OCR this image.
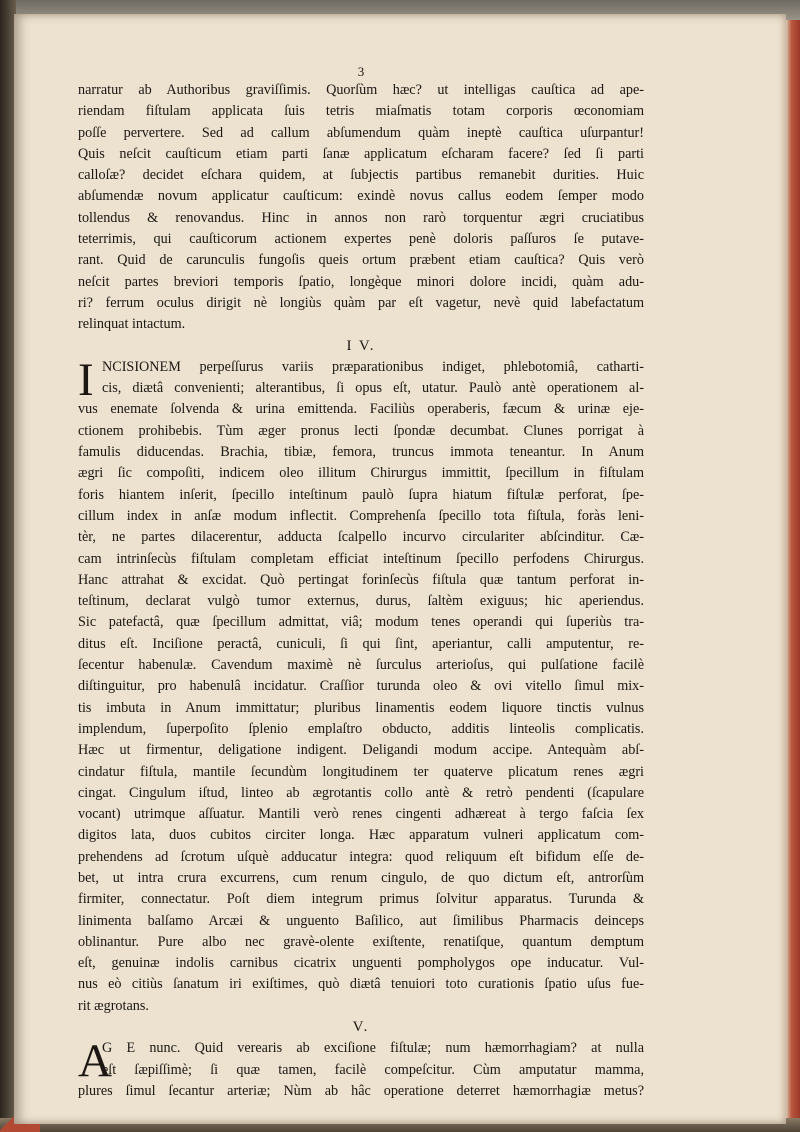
3
narratur ab Authoribus graviſſimis. Quorſùm hæc? ut intelligas cauſtica ad ape-
riendam fiſtulam applicata ſuis tetris miaſmatis totam corporis œconomiam
poſſe pervertere. Sed ad callum abſumendum quàm ineptè cauſtica uſurpantur!
Quis neſcit cauſticum etiam parti ſanæ applicatum eſcharam facere? ſed ſi parti
calloſæ? decidet eſchara quidem, at ſubjectis partibus remanebit durities. Huic
abſumendæ novum applicatur cauſticum: exindè novus callus eodem ſemper modo
tollendus & renovandus. Hinc in annos non rarò torquentur ægri cruciatibus
teterrimis, qui cauſticorum actionem expertes penè doloris paſſuros ſe putave-
rant. Quid de carunculis fungoſis queis ortum præbent etiam cauſtica? Quis verò
neſcit partes breviori temporis ſpatio, longèque minori dolore incidi, quàm adu-
ri? ferrum oculus dirigit nè longiùs quàm par eſt vagetur, nevè quid labefactatum
relinquat intactum.
I V.
I NCISIONEM perpeſſurus variis præparationibus indiget, phlebotomiâ, catharti-
cis, diætâ convenienti; alterantibus, ſi opus eſt, utatur. Paulò antè operationem al-
vus enemate ſolvenda & urina emittenda. Faciliùs operaberis, fæcum & urinæ eje-
ctionem prohibebis. Tùm æger pronus lecti ſpondæ decumbat. Clunes porrigat à
famulis diducendas. Brachia, tibiæ, femora, truncus immota teneantur. In Anum
ægri ſic compoſiti, indicem oleo illitum Chirurgus immittit, ſpecillum in fiſtulam
foris hiantem inſerit, ſpecillo inteſtinum paulò ſupra hiatum fiſtulæ perforat, ſpe-
cillum index in anſæ modum inflectit. Comprehenſa ſpecillo tota fiſtula, foràs leni-
tèr, ne partes dilacerentur, adducta ſcalpello incurvo circulariter abſcinditur. Cæ-
cam intrinſecùs fiſtulam completam efficiat inteſtinum ſpecillo perfodens Chirurgus.
Hanc attrahat & excidat. Quò pertingat forinſecùs fiſtula quæ tantum perforat in-
teſtinum, declarat vulgò tumor externus, durus, ſaltèm exiguus; hic aperiendus.
Sic patefactâ, quæ ſpecillum admittat, viâ; modum tenes operandi qui ſuperiùs tra-
ditus eſt. Inciſione peractâ, cuniculi, ſi qui ſint, aperiantur, calli amputentur, re-
ſecentur habenulæ. Cavendum maximè nè ſurculus arterioſus, qui pulſatione facilè
diſtinguitur, pro habenulâ incidatur. Craſſior turunda oleo & ovi vitello ſimul mix-
tis imbuta in Anum immittatur; pluribus linamentis eodem liquore tinctis vulnus
implendum, ſuperpoſito ſplenio emplaſtro obducto, additis linteolis complicatis.
Hæc ut firmentur, deligatione indigent. Deligandi modum accipe. Antequàm abſ-
cindatur fiſtula, mantile ſecundùm longitudinem ter quaterve plicatum renes ægri
cingat. Cingulum iſtud, linteo ab ægrotantis collo antè & retrò pendenti (ſcapulare
vocant) utrimque aſſuatur. Mantili verò renes cingenti adhæreat à tergo faſcia ſex
digitos lata, duos cubitos circiter longa. Hæc apparatum vulneri applicatum com-
prehendens ad ſcrotum uſquè adducatur integra: quod reliquum eſt bifidum eſſe de-
bet, ut intra crura excurrens, cum renum cingulo, de quo dictum eſt, antrorſùm
firmiter, connectatur. Poſt diem integrum primus ſolvitur apparatus. Turunda &
linimenta balſamo Arcæi & unguento Baſilico, aut ſimilibus Pharmacis deinceps
oblinantur. Pure albo nec gravè-olente exiſtente, renatiſque, quantum demptum
eſt, genuinæ indolis carnibus cicatrix unguenti pompholygos ope inducatur. Vul-
nus eò citiùs ſanatum iri exiſtimes, quò diætâ tenuiori toto curationis ſpatio uſus fue-
rit ægrotans.
V.
A
G E nunc. Quid verearis ab exciſione fiſtulæ; num hæmorrhagiam? at nulla
eſt ſæpiſſimè; ſi quæ tamen, facilè compeſcitur. Cùm amputatur mamma,
plures ſimul ſecantur arteriæ; Nùm ab hâc operatione deterret hæmorrhagiæ metus?
